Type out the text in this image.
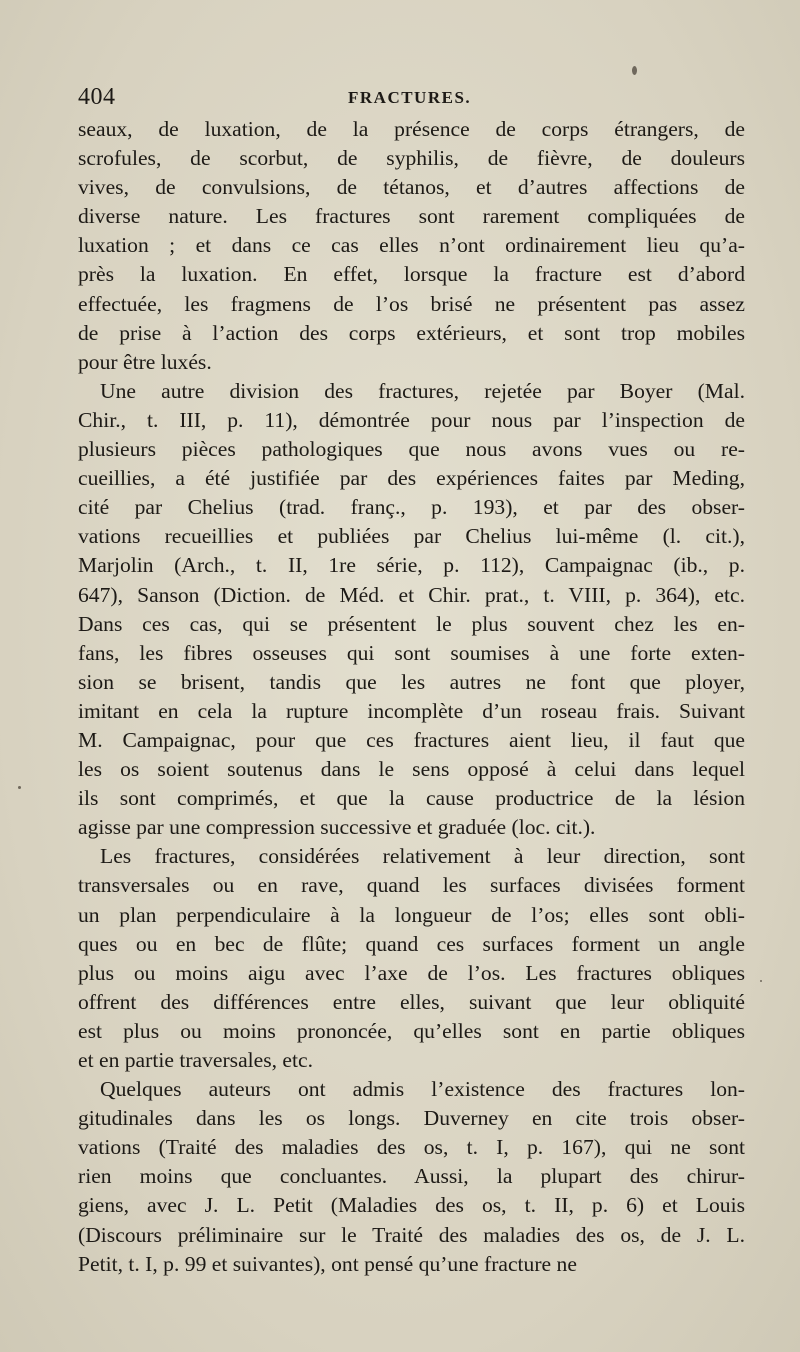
404	FRACTURES.
seaux, de luxation, de la présence de corps étrangers, de
scrofules, de scorbut, de syphilis, de fièvre, de douleurs
vives, de convulsions, de tétanos, et d’autres affections de
diverse nature. Les fractures sont rarement compliquées de
luxation ; et dans ce cas elles n’ont ordinairement lieu qu’a-
près la luxation. En effet, lorsque la fracture est d’abord
effectuée, les fragmens de l’os brisé ne présentent pas assez
de prise à l’action des corps extérieurs, et sont trop mobiles
pour être luxés.
Une autre division des fractures, rejetée par Boyer (Mal.
Chir., t. III, p. 11), démontrée pour nous par l’inspection de
plusieurs pièces pathologiques que nous avons vues ou re-
cueillies, a été justifiée par des expériences faites par Meding,
cité par Chelius (trad. franç., p. 193), et par des obser-
vations recueillies et publiées par Chelius lui-même (l. cit.),
Marjolin (Arch., t. II, 1re série, p. 112), Campaignac (ib., p.
647), Sanson (Diction. de Méd. et Chir. prat., t. VIII, p. 364), etc.
Dans ces cas, qui se présentent le plus souvent chez les en-
fans, les fibres osseuses qui sont soumises à une forte exten-
sion se brisent, tandis que les autres ne font que ployer,
imitant en cela la rupture incomplète d’un roseau frais. Suivant
M. Campaignac, pour que ces fractures aient lieu, il faut que
les os soient soutenus dans le sens opposé à celui dans lequel
ils sont comprimés, et que la cause productrice de la lésion
agisse par une compression successive et graduée (loc. cit.).
Les fractures, considérées relativement à leur direction, sont
transversales ou en rave, quand les surfaces divisées forment
un plan perpendiculaire à la longueur de l’os; elles sont obli-
ques ou en bec de flûte; quand ces surfaces forment un angle
plus ou moins aigu avec l’axe de l’os. Les fractures obliques
offrent des différences entre elles, suivant que leur obliquité
est plus ou moins prononcée, qu’elles sont en partie obliques
et en partie traversales, etc.
Quelques auteurs ont admis l’existence des fractures lon-
gitudinales dans les os longs. Duverney en cite trois obser-
vations (Traité des maladies des os, t. I, p. 167), qui ne sont
rien moins que concluantes. Aussi, la plupart des chirur-
giens, avec J. L. Petit (Maladies des os, t. II, p. 6) et Louis
(Discours préliminaire sur le Traité des maladies des os, de J. L.
Petit, t. I, p. 99 et suivantes), ont pensé qu’une fracture ne
